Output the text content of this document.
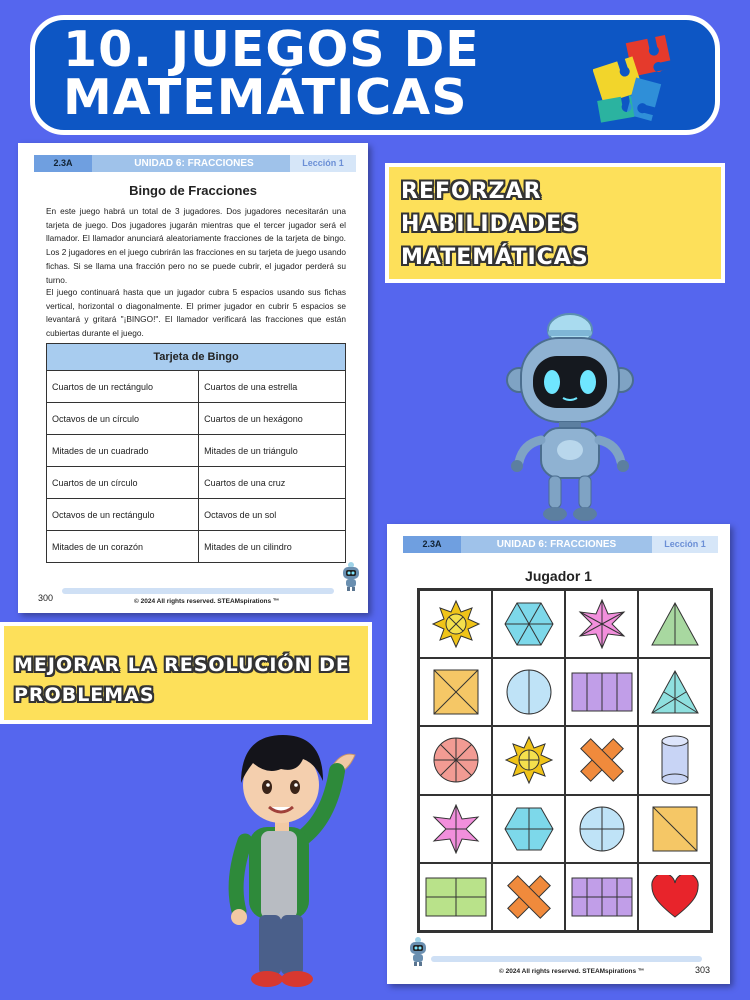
10. JUEGOS DE
MATEMÁTICAS
UNIDAD 6: FRACCIONES
2.3A	Lección 1
Bingo de Fracciones

En este juego habrá un total de 3 jugadores. Dos jugadores necesitarán una tarjeta de juego. Dos jugadores jugarán mientras que el tercer jugador será el llamador. El llamador anunciará aleatoriamente fracciones de la tarjeta de bingo. Los 2 jugadores en el juego cubrirán las fracciones en su tarjeta de juego usando fichas. Si se llama una fracción pero no se puede cubrir, el jugador perderá su turno.

El juego continuará hasta que un jugador cubra 5 espacios usando sus fichas vertical, horizontal o diagonalmente. El primer jugador en cubrir 5 espacios se levantará y gritará "¡BINGO!". El llamador verificará las fracciones que están cubiertas durante el juego.

Tarjeta de Bingo	
Cuartos de un rectángulo	Cuartos de una estrella
Octavos de un círculo	Cuartos de un hexágono
Mitades de un cuadrado	Mitades de un triángulo
Cuartos de un círculo	Cuartos de una cruz
Octavos de un rectángulo	Octavos de un sol
Mitades de un corazón	Mitades de un cilindro
300	© 2024 All rights reserved. STEAMspirations ™
REFORZAR
HABILIDADES
MATEMÁTICAS
MEJORAR LA RESOLUCIÓN DE
PROBLEMAS
UNIDAD 6: FRACCIONES
2.3A	Lección 1
Jugador 1
© 2024 All rights reserved. STEAMspirations ™	303
